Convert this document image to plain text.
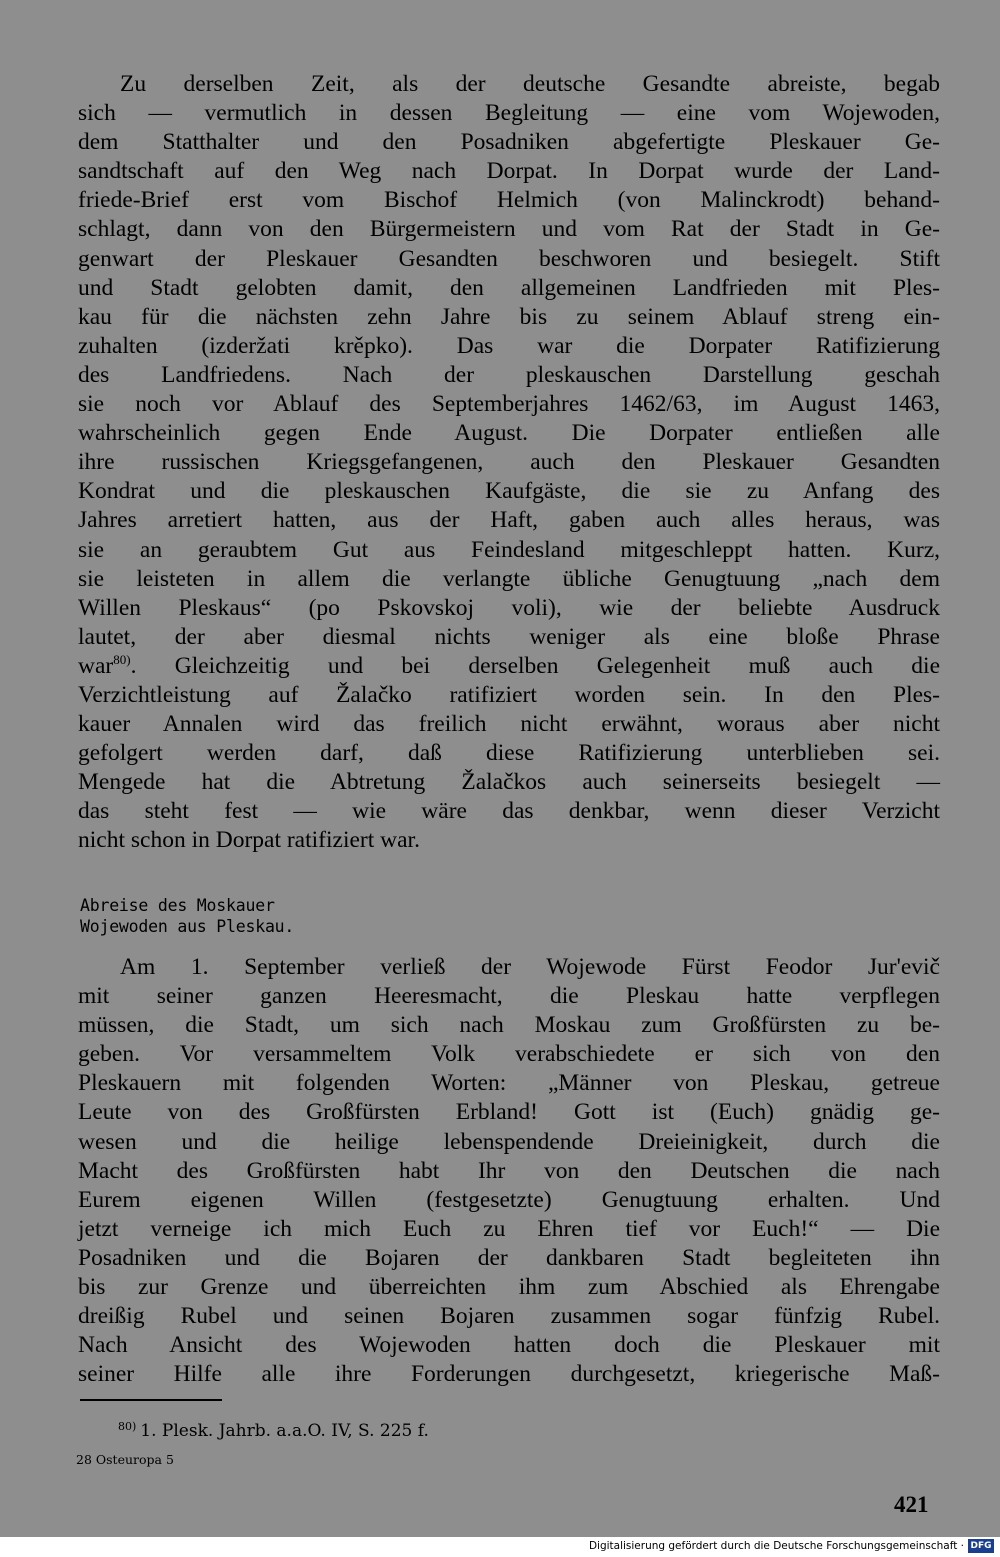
Zu derselben Zeit, als der deutsche Gesandte abreiste, begab
sich — vermutlich in dessen Begleitung — eine vom Wojewoden,
dem Statthalter und den Posadniken abgefertigte Pleskauer Ge-
sandtschaft auf den Weg nach Dorpat. In Dorpat wurde der Land-
friede-Brief erst vom Bischof Helmich (von Malinckrodt) behand-
schlagt, dann von den Bürgermeistern und vom Rat der Stadt in Ge-
genwart der Pleskauer Gesandten beschworen und besiegelt. Stift
und Stadt gelobten damit, den allgemeinen Landfrieden mit Ples-
kau für die nächsten zehn Jahre bis zu seinem Ablauf streng ein-
zuhalten (izderžati krěpko). Das war die Dorpater Ratifizierung
des Landfriedens. Nach der pleskauschen Darstellung geschah
sie noch vor Ablauf des Septemberjahres 1462/63, im August 1463,
wahrscheinlich gegen Ende August. Die Dorpater entließen alle
ihre russischen Kriegsgefangenen, auch den Pleskauer Gesandten
Kondrat und die pleskauschen Kaufgäste, die sie zu Anfang des
Jahres arretiert hatten, aus der Haft, gaben auch alles heraus, was
sie an geraubtem Gut aus Feindesland mitgeschleppt hatten. Kurz,
sie leisteten in allem die verlangte übliche Genugtuung „nach dem
Willen Pleskaus“ (po Pskovskoj voli), wie der beliebte Ausdruck
lautet, der aber diesmal nichts weniger als eine bloße Phrase
war$^{80)}$. Gleichzeitig und bei derselben Gelegenheit muß auch die
Verzichtleistung auf Žalačko ratifiziert worden sein. In den Ples-
kauer Annalen wird das freilich nicht erwähnt, woraus aber nicht
gefolgert werden darf, daß diese Ratifizierung unterblieben sei.
Mengede hat die Abtretung Žalačkos auch seinerseits besiegelt —
das steht fest — wie wäre das denkbar, wenn dieser Verzicht
nicht schon in Dorpat ratifiziert war.
Abreise des Moskauer
Wojewoden aus Pleskau.
Am 1. September verließ der Wojewode Fürst Feodor Jur'evič
mit seiner ganzen Heeresmacht, die Pleskau hatte verpflegen
müssen, die Stadt, um sich nach Moskau zum Großfürsten zu be-
geben. Vor versammeltem Volk verabschiedete er sich von den
Pleskauern mit folgenden Worten: „Männer von Pleskau, getreue
Leute von des Großfürsten Erbland! Gott ist (Euch) gnädig ge-
wesen und die heilige lebenspendende Dreieinigkeit, durch die
Macht des Großfürsten habt Ihr von den Deutschen die nach
Eurem eigenen Willen (festgesetzte) Genugtuung erhalten. Und
jetzt verneige ich mich Euch zu Ehren tief vor Euch!“ — Die
Posadniken und die Bojaren der dankbaren Stadt begleiteten ihn
bis zur Grenze und überreichten ihm zum Abschied als Ehrengabe
dreißig Rubel und seinen Bojaren zusammen sogar fünfzig Rubel.
Nach Ansicht des Wojewoden hatten doch die Pleskauer mit
seiner Hilfe alle ihre Forderungen durchgesetzt, kriegerische Maß-
$^{80)}$ 1. Plesk. Jahrb. a.a.O. IV, S. 225 f.
28 Osteuropa 5
421
Digitalisierung gefördert durch die Deutsche Forschungsgemeinschaft · DFG
